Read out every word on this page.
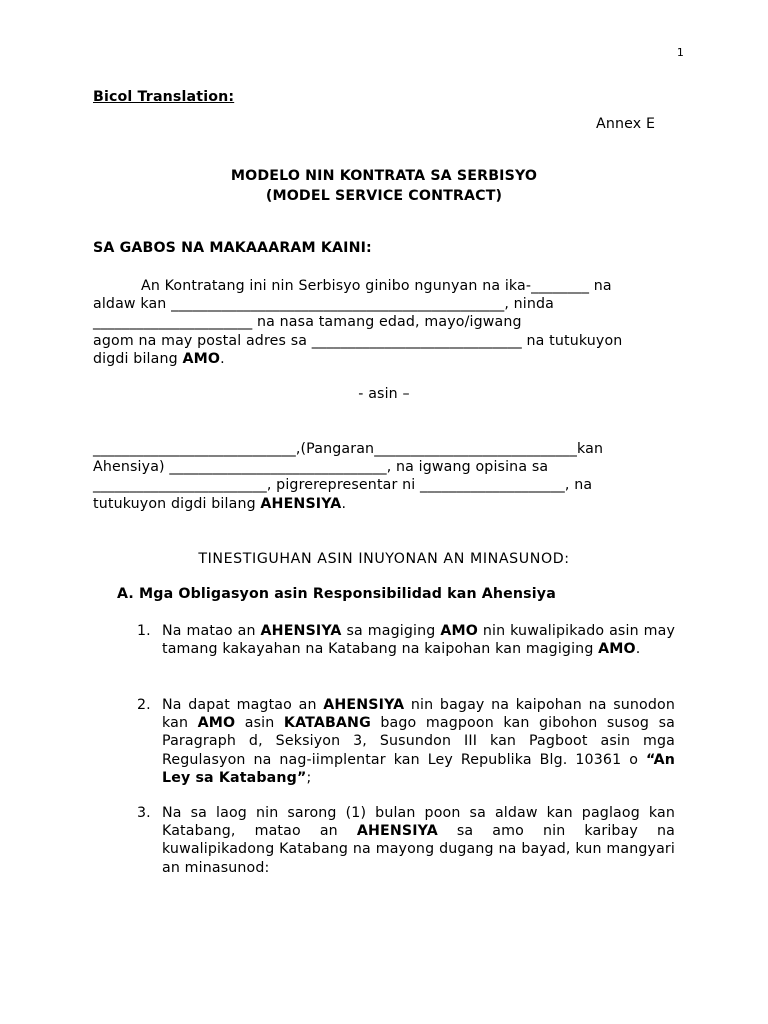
1
Bicol Translation:
Annex E
MODELO NIN KONTRATA SA SERBISYO
(MODEL SERVICE CONTRACT)
SA GABOS NA MAKAAARAM KAINI:
An Kontratang ini nin Serbisyo ginibo ngunyan na ika-________ na
aldaw kan ______________________________________________, ninda
______________________ na nasa tamang edad, mayo/igwang
agom na may postal adres sa _____________________________ na tutukuyon
digdi bilang AMO.
- asin –
____________________________,(Pangaran____________________________kan
Ahensiya) ______________________________, na igwang opisina sa
________________________, pigrerepresentar ni ____________________, na
tutukuyon digdi bilang AHENSIYA.
TINESTIGUHAN ASIN INUYONAN AN MINASUNOD:
A. Mga Obligasyon asin Responsibilidad kan Ahensiya
1. Na matao an AHENSIYA sa magiging AMO nin kuwalipikado asin may tamang kakayahan na Katabang na kaipohan kan magiging AMO.
2. Na dapat magtao an AHENSIYA nin bagay na kaipohan na sunodon kan AMO asin KATABANG bago magpoon kan gibohon susog sa Paragraph d, Seksiyon 3, Susundon III kan Pagboot asin mga Regulasyon na nag-iimplentar kan Ley Republika Blg. 10361 o “An Ley sa Katabang”;
3. Na sa laog nin sarong (1) bulan poon sa aldaw kan paglaog kan Katabang, matao an AHENSIYA sa amo nin karibay na kuwalipikadong Katabang na mayong dugang na bayad, kun mangyari an minasunod:
